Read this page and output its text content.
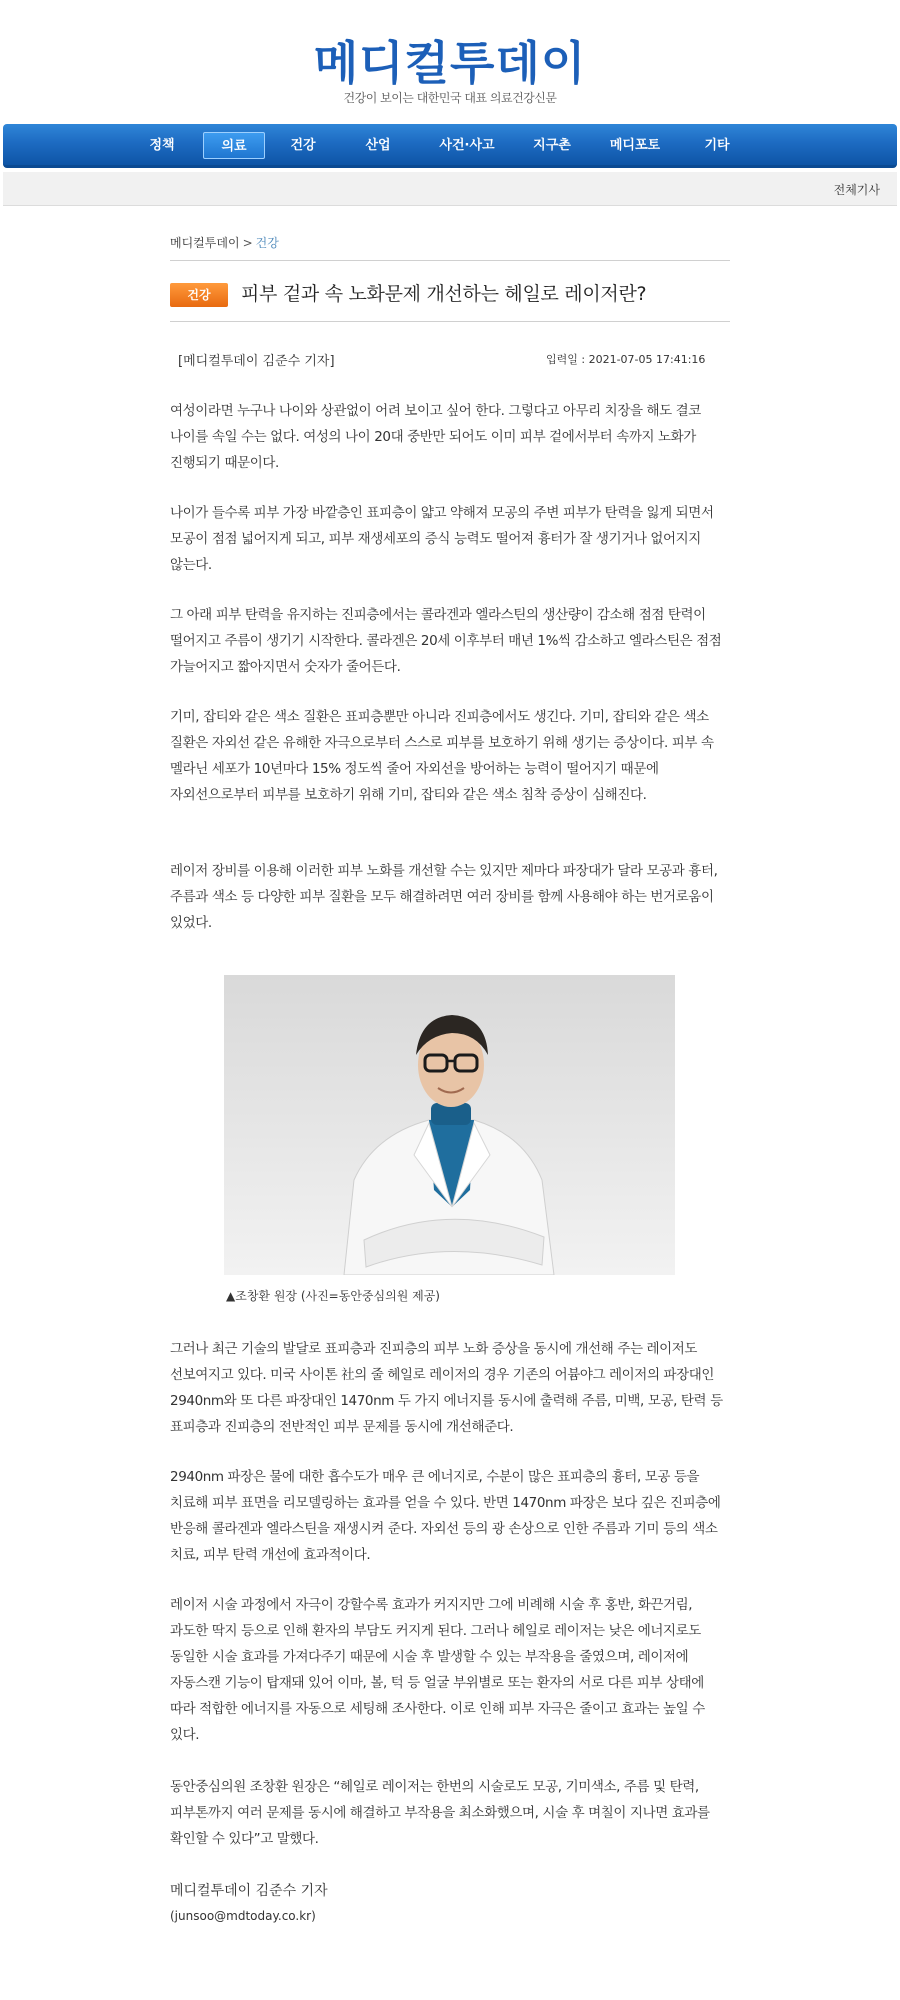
메디컬투데이
건강이 보이는 대한민국 대표 의료건강신문
정책	의료	건강	산업	사건·사고	지구촌	메디포토	기타
전체기사
메디컬투데이 > 건강
건강	피부 겉과 속 노화문제 개선하는 헤일로 레이저란?
[메디컬투데이 김준수 기자]	입력일 : 2021-07-05 17:41:16
여성이라면 누구나 나이와 상관없이 어려 보이고 싶어 한다. 그렇다고 아무리 치장을 해도 결코 나이를 속일 수는 없다. 여성의 나이 20대 중반만 되어도 이미 피부 겉에서부터 속까지 노화가 진행되기 때문이다.
나이가 들수록 피부 가장 바깥층인 표피층이 얇고 약해져 모공의 주변 피부가 탄력을 잃게 되면서 모공이 점점 넓어지게 되고, 피부 재생세포의 증식 능력도 떨어져 흉터가 잘 생기거나 없어지지 않는다.
그 아래 피부 탄력을 유지하는 진피층에서는 콜라겐과 엘라스틴의 생산량이 감소해 점점 탄력이 떨어지고 주름이 생기기 시작한다. 콜라겐은 20세 이후부터 매년 1%씩 감소하고 엘라스틴은 점점 가늘어지고 짧아지면서 숫자가 줄어든다.
기미, 잡티와 같은 색소 질환은 표피층뿐만 아니라 진피층에서도 생긴다. 기미, 잡티와 같은 색소 질환은 자외선 같은 유해한 자극으로부터 스스로 피부를 보호하기 위해 생기는 증상이다. 피부 속 멜라닌 세포가 10년마다 15% 정도씩 줄어 자외선을 방어하는 능력이 떨어지기 때문에 자외선으로부터 피부를 보호하기 위해 기미, 잡티와 같은 색소 침착 증상이 심해진다.
레이저 장비를 이용해 이러한 피부 노화를 개선할 수는 있지만 제마다 파장대가 달라 모공과 흉터, 주름과 색소 등 다양한 피부 질환을 모두 해결하려면 여러 장비를 함께 사용해야 하는 번거로움이 있었다.
▲조창환 원장 (사진=동안중심의원 제공)
그러나 최근 기술의 발달로 표피층과 진피층의 피부 노화 증상을 동시에 개선해 주는 레이저도 선보여지고 있다. 미국 사이톤 社의 줄 헤일로 레이저의 경우 기존의 어븀야그 레이저의 파장대인 2940nm와 또 다른 파장대인 1470nm 두 가지 에너지를 동시에 출력해 주름, 미백, 모공, 탄력 등 표피층과 진피층의 전반적인 피부 문제를 동시에 개선해준다.
2940nm 파장은 물에 대한 흡수도가 매우 큰 에너지로, 수분이 많은 표피층의 흉터, 모공 등을 치료해 피부 표면을 리모델링하는 효과를 얻을 수 있다. 반면 1470nm 파장은 보다 깊은 진피층에 반응해 콜라겐과 엘라스틴을 재생시켜 준다. 자외선 등의 광 손상으로 인한 주름과 기미 등의 색소 치료, 피부 탄력 개선에 효과적이다.
레이저 시술 과정에서 자극이 강할수록 효과가 커지지만 그에 비례해 시술 후 홍반, 화끈거림, 과도한 딱지 등으로 인해 환자의 부담도 커지게 된다. 그러나 헤일로 레이저는 낮은 에너지로도 동일한 시술 효과를 가져다주기 때문에 시술 후 발생할 수 있는 부작용을 줄였으며, 레이저에 자동스캔 기능이 탑재돼 있어 이마, 볼, 턱 등 얼굴 부위별로 또는 환자의 서로 다른 피부 상태에 따라 적합한 에너지를 자동으로 세팅해 조사한다. 이로 인해 피부 자극은 줄이고 효과는 높일 수 있다.
동안중심의원 조창환 원장은 “헤일로 레이저는 한번의 시술로도 모공, 기미색소, 주름 및 탄력, 피부톤까지 여러 문제를 동시에 해결하고 부작용을 최소화했으며, 시술 후 며칠이 지나면 효과를 확인할 수 있다”고 말했다.
메디컬투데이 김준수 기자
(junsoo@mdtoday.co.kr)
